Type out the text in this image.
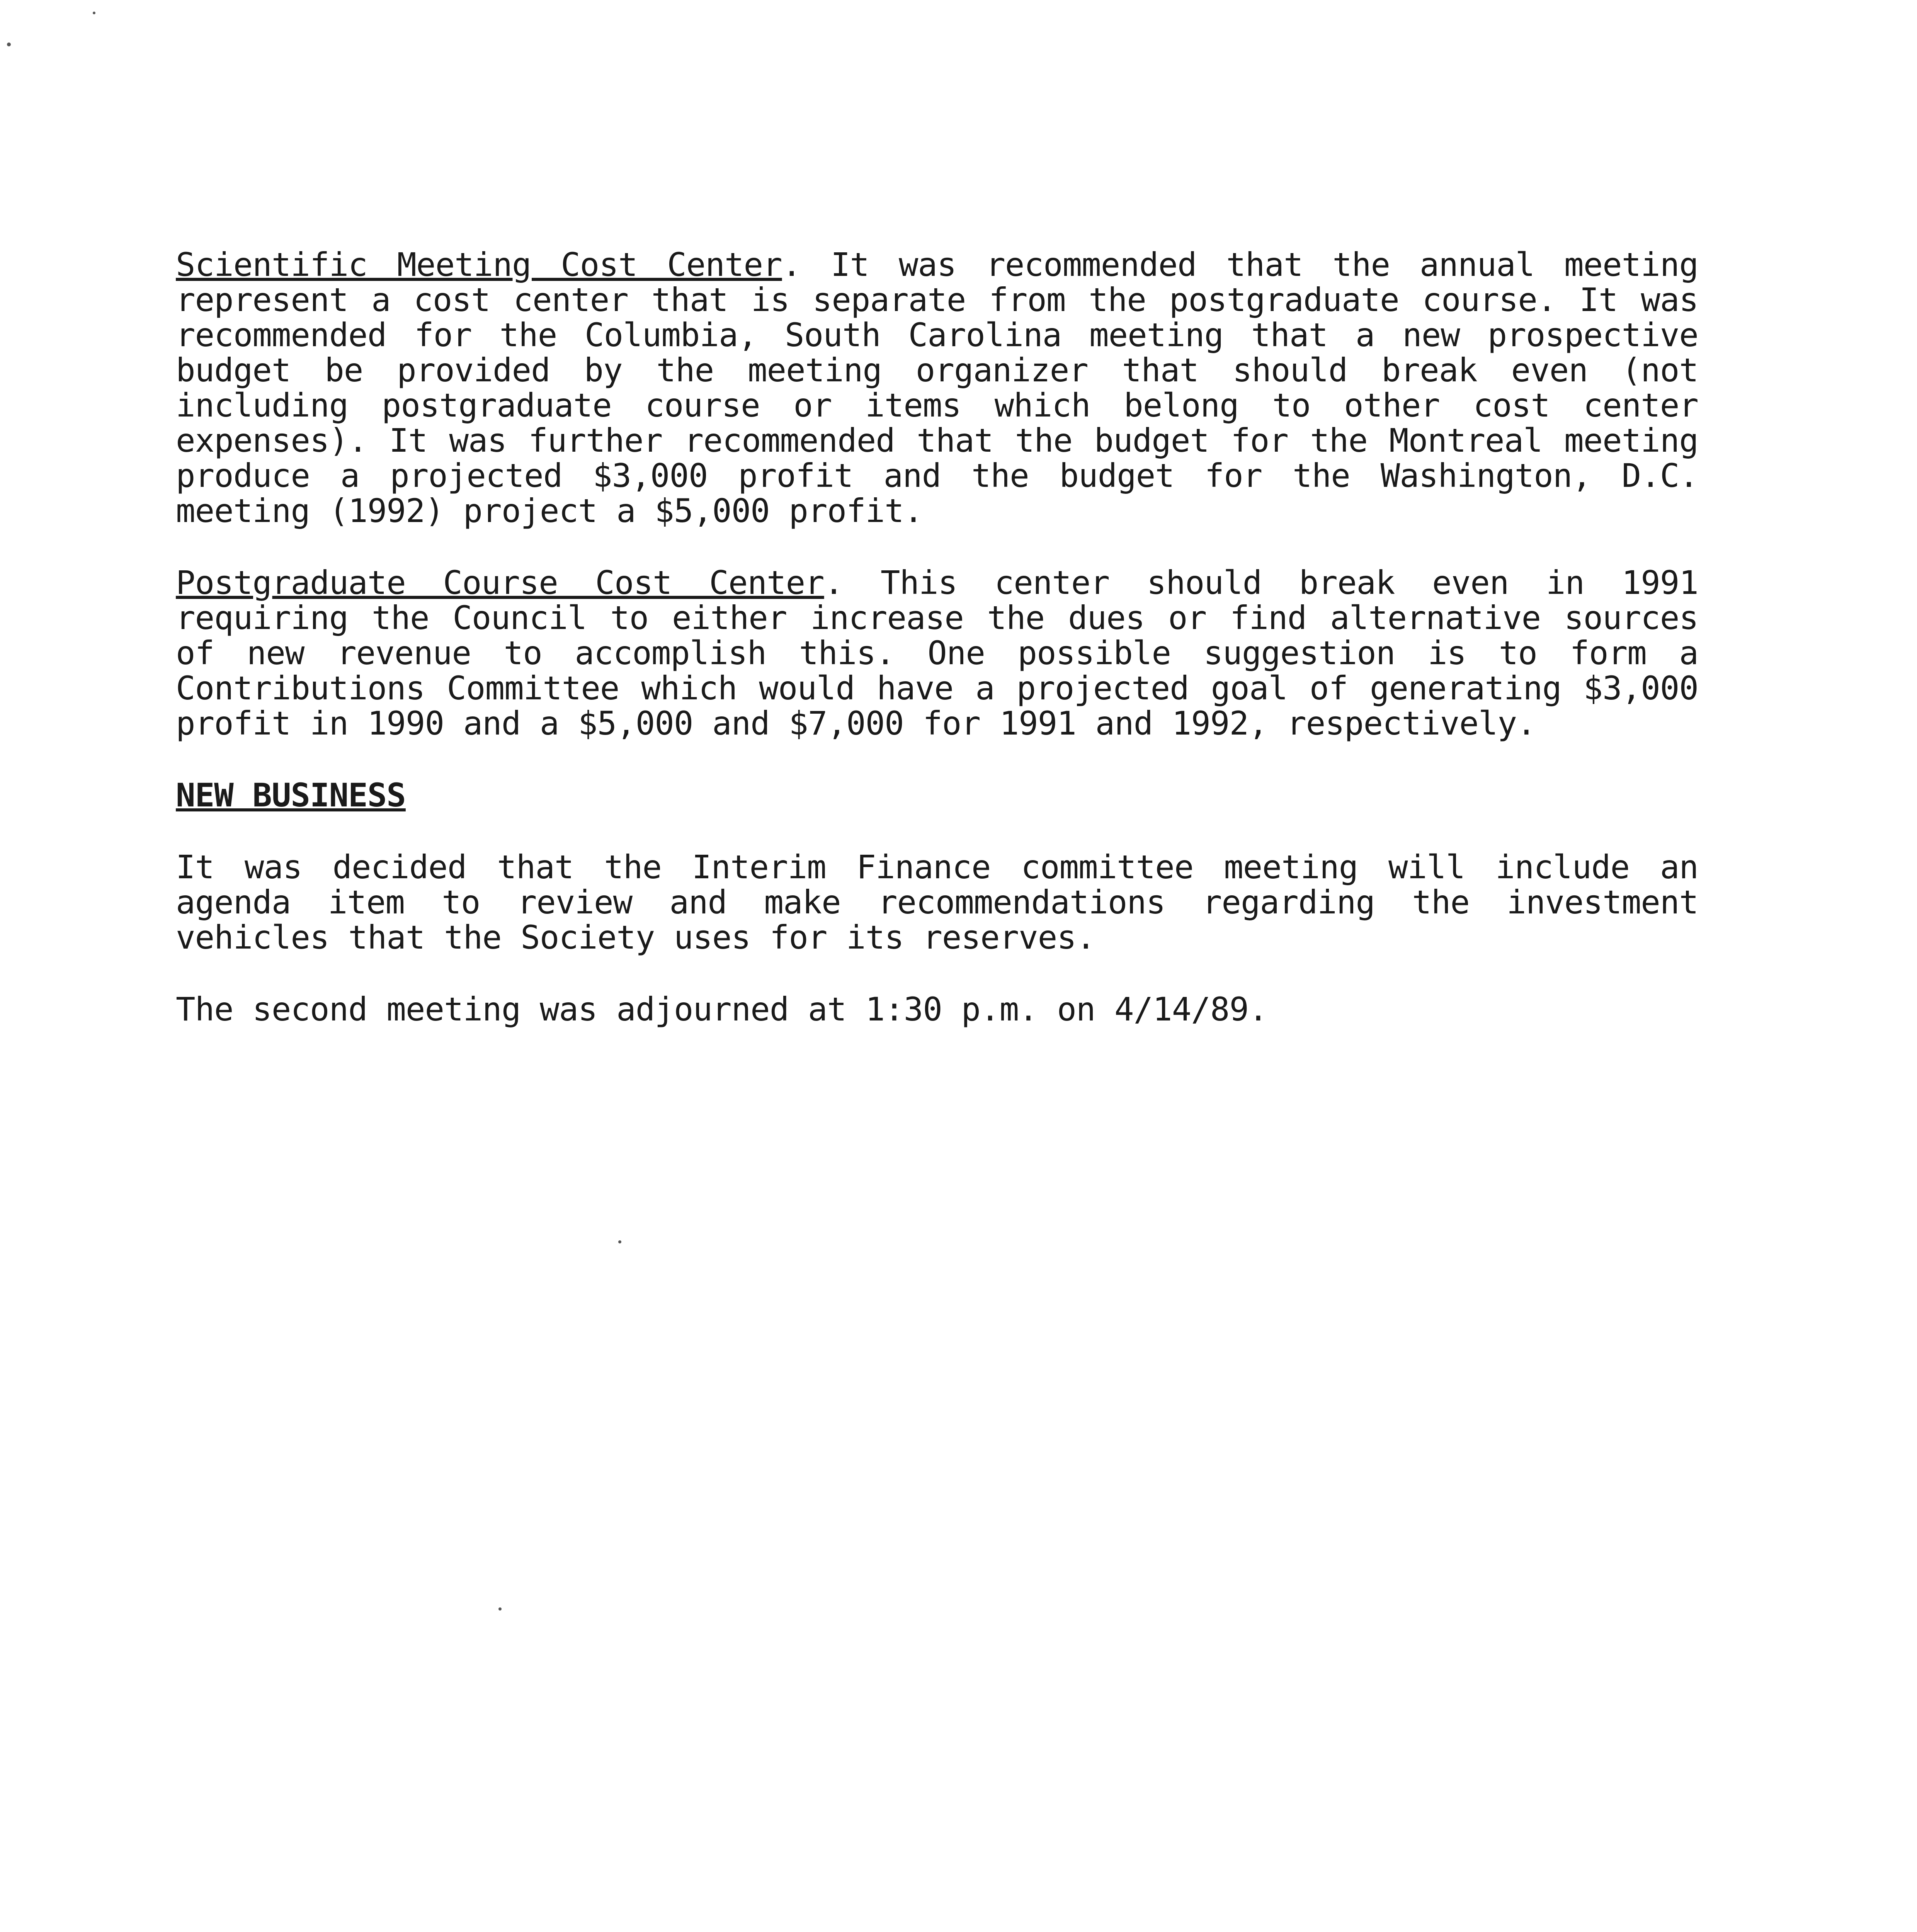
Scientific Meeting Cost Center. It was recommended that the annual meeting represent a cost center that is separate from the postgraduate course. It was recommended for the Columbia, South Carolina meeting that a new prospective budget be provided by the meeting organizer that should break even (not including postgraduate course or items which belong to other cost center expenses). It was further recommended that the budget for the Montreal meeting produce a projected $3,000 profit and the budget for the Washington, D.C. meeting (1992) project a $5,000 profit.

Postgraduate Course Cost Center. This center should break even in 1991 requiring the Council to either increase the dues or find alternative sources of new revenue to accomplish this. One possible suggestion is to form a Contributions Committee which would have a projected goal of generating $3,000 profit in 1990 and a $5,000 and $7,000 for 1991 and 1992, respectively.

NEW BUSINESS

It was decided that the Interim Finance committee meeting will include an agenda item to review and make recommendations regarding the investment vehicles that the Society uses for its reserves.

The second meeting was adjourned at 1:30 p.m. on 4/14/89.
